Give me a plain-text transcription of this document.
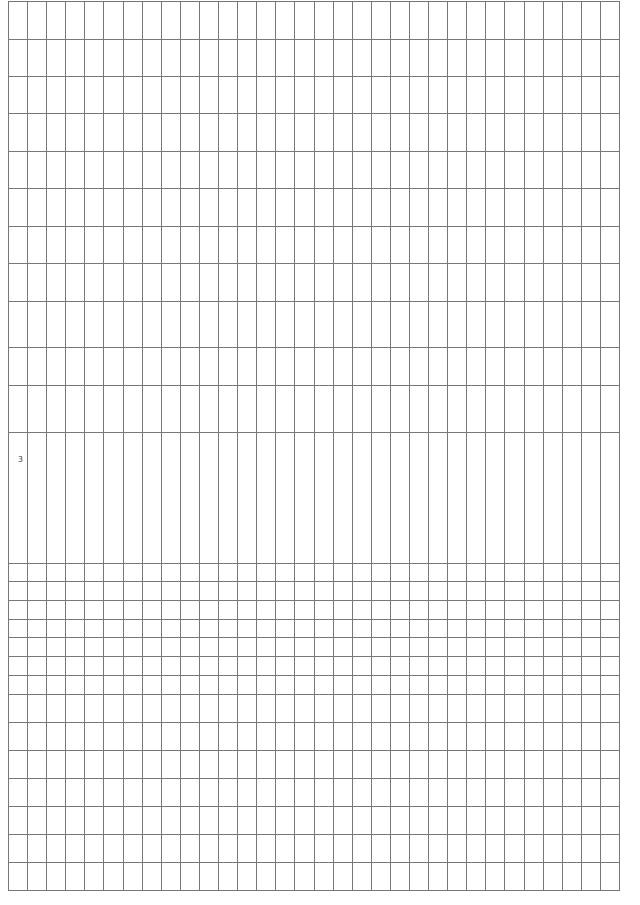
3
